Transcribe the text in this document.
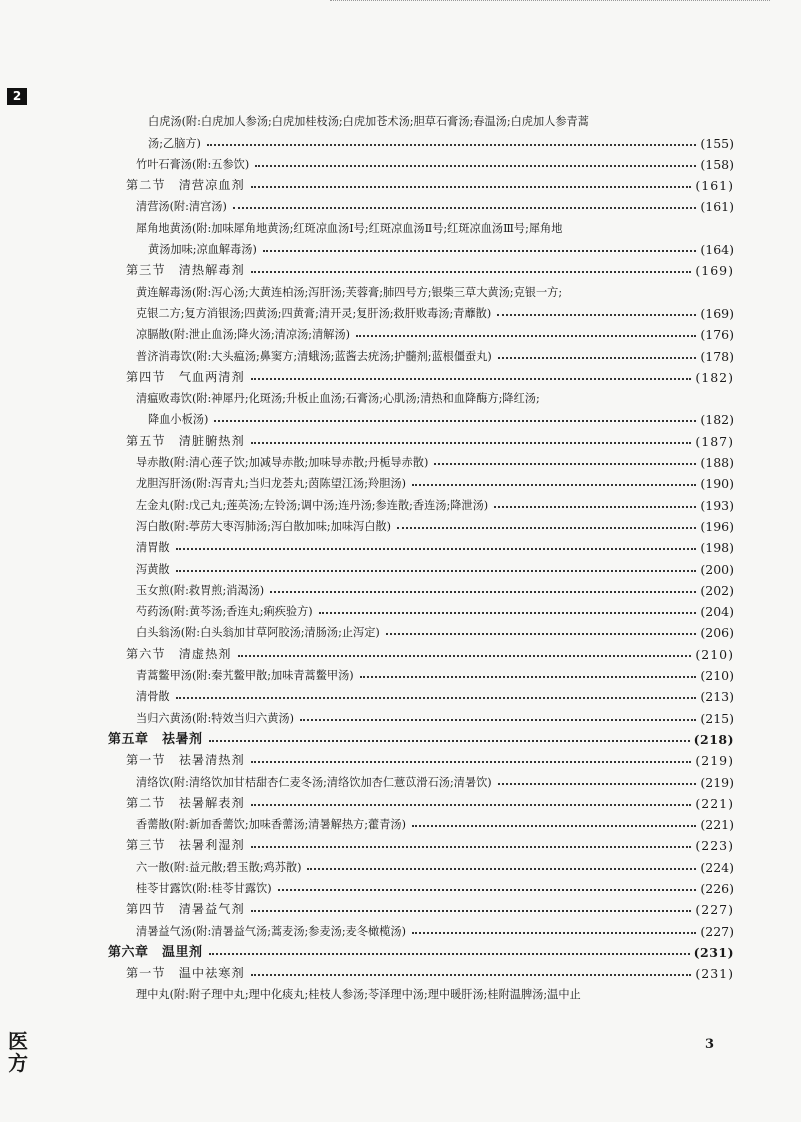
2
白虎汤(附:白虎加人参汤;白虎加桂枝汤;白虎加苍术汤;胆草石膏汤;春温汤;白虎加人参青蒿
汤;乙脑方)	(155)
竹叶石膏汤(附:五参饮)	(158)
第二节　清营凉血剂	(161)
清营汤(附:清宫汤)	(161)
犀角地黄汤(附:加味犀角地黄汤;红斑凉血汤Ⅰ号;红斑凉血汤Ⅱ号;红斑凉血汤Ⅲ号;犀角地
黄汤加味;凉血解毒汤)	(164)
第三节　清热解毒剂	(169)
黄连解毒汤(附:泻心汤;大黄连柏汤;泻肝汤;芙蓉膏;肺四号方;银柴三草大黄汤;克银一方;
克银二方;复方消银汤;四黄汤;四黄膏;清开灵;复肝汤;救肝败毒汤;青蘼散)	(169)
凉膈散(附:泄止血汤;降火汤;清凉汤;清解汤)	(176)
普济消毒饮(附:大头瘟汤;鼻窦方;清蛾汤;蓝酱去疣汤;护髓剂;蓝根僵蚕丸)	(178)
第四节　气血两清剂	(182)
清瘟败毒饮(附:神犀丹;化斑汤;升板止血汤;石膏汤;心肌汤;清热和血降酶方;降红汤;
降血小板汤)	(182)
第五节　清脏腑热剂	(187)
导赤散(附:清心莲子饮;加减导赤散;加味导赤散;丹栀导赤散)	(188)
龙胆泻肝汤(附:泻青丸;当归龙荟丸;茵陈望江汤;羚胆汤)	(190)
左金丸(附:戊己丸;莲英汤;左铃汤;调中汤;连丹汤;参连散;香连汤;降泄汤)	(193)
泻白散(附:葶苈大枣泻肺汤;泻白散加味;加味泻白散)	(196)
清胃散	(198)
泻黄散	(200)
玉女煎(附:救胃煎;消渴汤)	(202)
芍药汤(附:黄芩汤;香连丸;痢疾验方)	(204)
白头翁汤(附:白头翁加甘草阿胶汤;清肠汤;止泻定)	(206)
第六节　清虚热剂	(210)
青蒿鳖甲汤(附:秦艽鳖甲散;加味青蒿鳖甲汤)	(210)
清骨散	(213)
当归六黄汤(附:特效当归六黄汤)	(215)
第五章　祛暑剂	(218)
第一节　祛暑清热剂	(219)
清络饮(附:清络饮加甘桔甜杏仁麦冬汤;清络饮加杏仁薏苡滑石汤;清暑饮)	(219)
第二节　祛暑解表剂	(221)
香薷散(附:新加香薷饮;加味香薷汤;清暑解热方;藿青汤)	(221)
第三节　祛暑利湿剂	(223)
六一散(附:益元散;碧玉散;鸡苏散)	(224)
桂苓甘露饮(附:桂苓甘露饮)	(226)
第四节　清暑益气剂	(227)
清暑益气汤(附:清暑益气汤;蒿麦汤;参麦汤;麦冬橄榄汤)	(227)
第六章　温里剂	(231)
第一节　温中祛寒剂	(231)
理中丸(附:附子理中丸;理中化痰丸;桂枝人参汤;苓泽理中汤;理中暖肝汤;桂附温脾汤;温中止
3
医方
